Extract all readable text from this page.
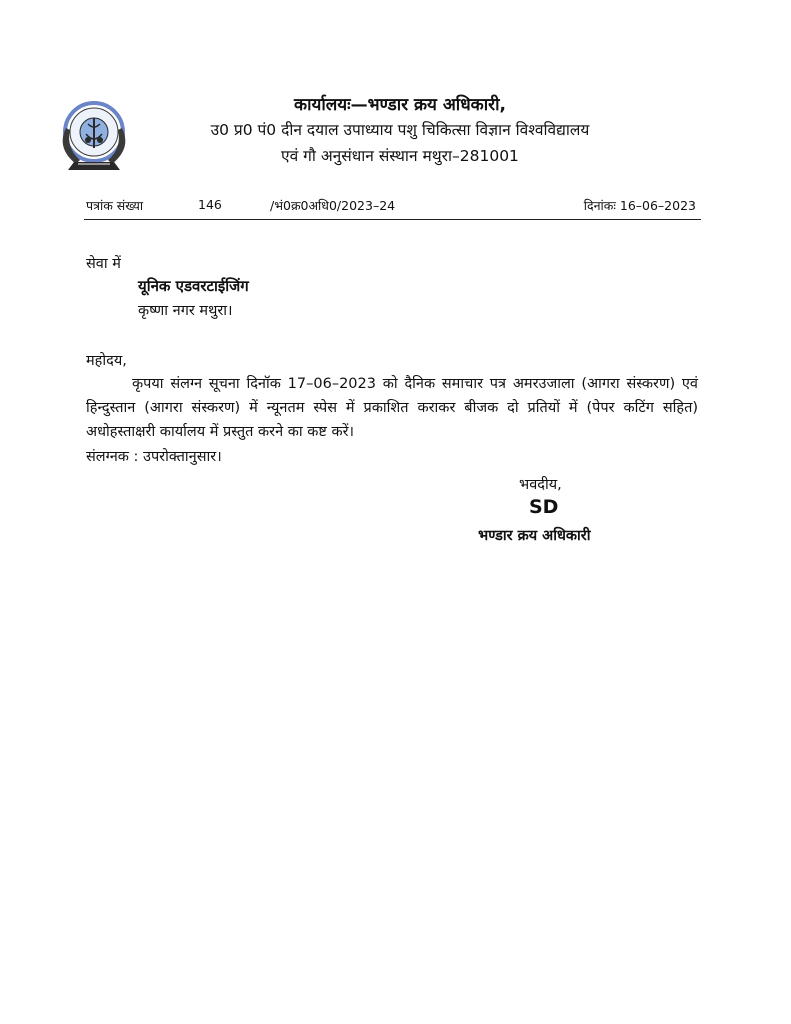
कार्यालयः—भण्डार क्रय अधिकारी,
उ0 प्र0 पं0 दीन दयाल उपाध्याय पशु चिकित्सा विज्ञान विश्वविद्यालय
एवं गौ अनुसंधान संस्थान मथुरा–281001
पत्रांक संख्या	146	/भं0क्र0अधि0/2023–24	दिनांकः 16–06–2023
सेवा में
यूनिक एडवरटाईजिंग
कृष्णा नगर मथुरा।
महोदय,
कृपया संलग्न सूचना दिनॉक 17–06–2023 को दैनिक समाचार पत्र अमरउजाला (आगरा संस्करण) एवं हिन्दुस्तान (आगरा संस्करण) में न्यूनतम स्पेस में प्रकाशित कराकर बीजक दो प्रतियों में (पेपर कटिंग सहित) अधोहस्ताक्षरी कार्यालय में प्रस्तुत करने का कष्ट करें।
संलग्नक : उपरोक्तानुसार।
भवदीय,
SD
भण्डार क्रय अधिकारी
